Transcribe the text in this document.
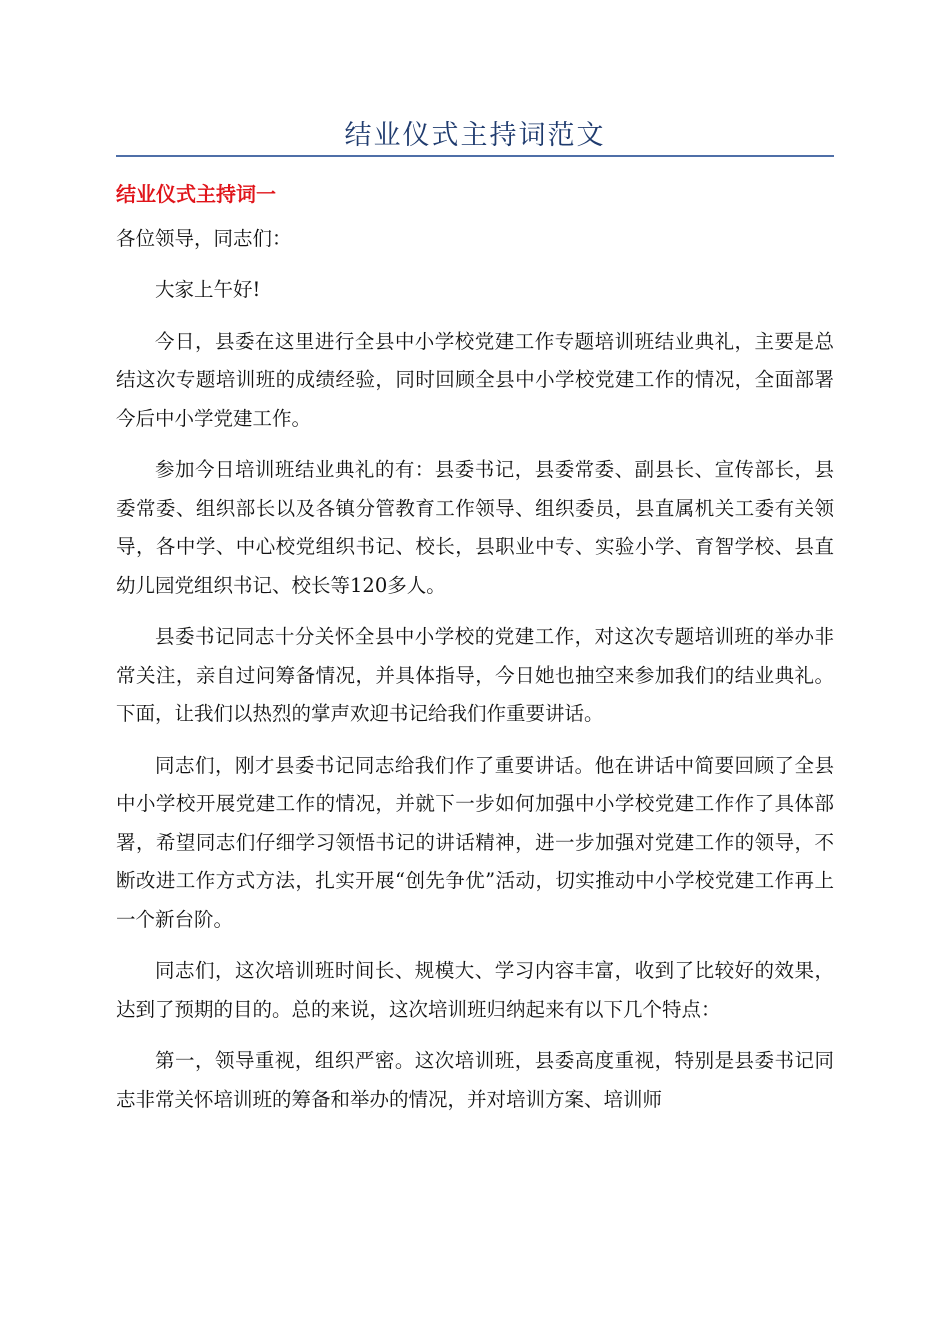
结业仪式主持词范文
结业仪式主持词一
各位领导，同志们：
大家上午好!
今日，县委在这里进行全县中小学校党建工作专题培训班结业典礼，主要是总结这次专题培训班的成绩经验，同时回顾全县中小学校党建工作的情况，全面部署今后中小学党建工作。
参加今日培训班结业典礼的有：县委书记，县委常委、副县长、宣传部长，县委常委、组织部长以及各镇分管教育工作领导、组织委员，县直属机关工委有关领导，各中学、中心校党组织书记、校长，县职业中专、实验小学、育智学校、县直幼儿园党组织书记、校长等120多人。
县委书记同志十分关怀全县中小学校的党建工作，对这次专题培训班的举办非常关注，亲自过问筹备情况，并具体指导，今日她也抽空来参加我们的结业典礼。下面，让我们以热烈的掌声欢迎书记给我们作重要讲话。
同志们，刚才县委书记同志给我们作了重要讲话。他在讲话中简要回顾了全县中小学校开展党建工作的情况，并就下一步如何加强中小学校党建工作作了具体部署，希望同志们仔细学习领悟书记的讲话精神，进一步加强对党建工作的领导，不断改进工作方式方法，扎实开展“创先争优”活动，切实推动中小学校党建工作再上一个新台阶。
同志们，这次培训班时间长、规模大、学习内容丰富，收到了比较好的效果，达到了预期的目的。总的来说，这次培训班归纳起来有以下几个特点：
第一，领导重视，组织严密。这次培训班，县委高度重视，特别是县委书记同志非常关怀培训班的筹备和举办的情况，并对培训方案、培训师
